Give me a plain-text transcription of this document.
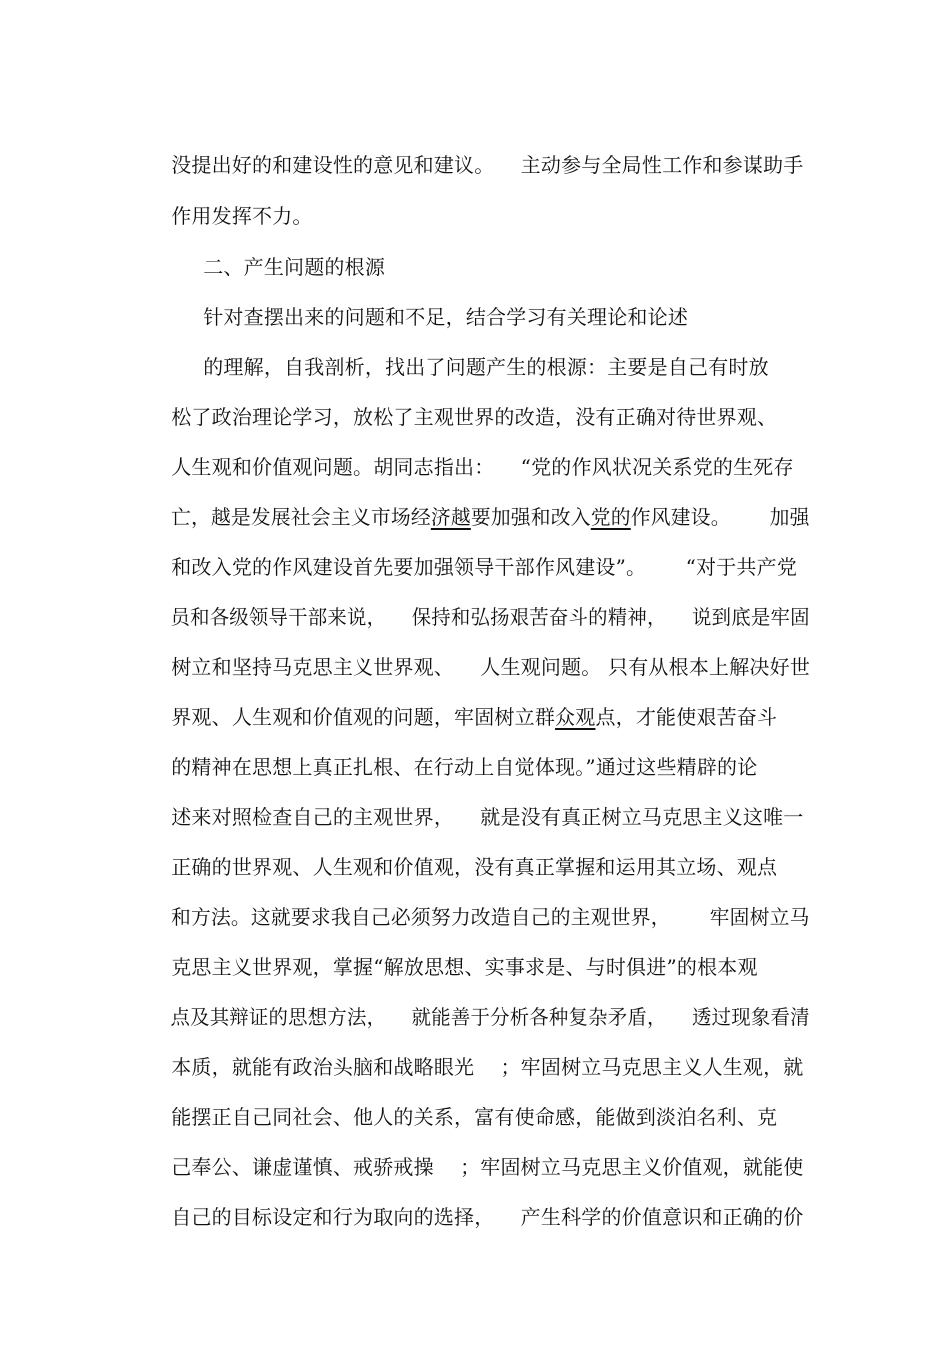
没提出好的和建设性的意见和建议。    主动参与全局性工作和参谋助手

作用发挥不力。

二、产生问题的根源

针对查摆出来的问题和不足，结合学习有关理论和论述

的理解，自我剖析，找出了问题产生的根源：主要是自己有时放

松了政治理论学习，放松了主观世界的改造，没有正确对待世界观、

人生观和价值观问题。胡同志指出：    “党的作风状况关系党的生死存

亡，越是发展社会主义市场经济越要加强和改入党的作风建设。      加强

和改入党的作风建设首先要加强领导干部作风建设”。      “对于共产党

员和各级领导干部来说，    保持和弘扬艰苦奋斗的精神，    说到底是牢固

树立和坚持马克思主义世界观、    人生观问题。 只有从根本上解决好世

界观、人生观和价值观的问题，牢固树立群众观点，才能使艰苦奋斗

的精神在思想上真正扎根、在行动上自觉体现。”通过这些精辟的论

述来对照检查自己的主观世界，    就是没有真正树立马克思主义这唯一

正确的世界观、人生观和价值观，没有真正掌握和运用其立场、观点

和方法。这就要求我自己必须努力改造自己的主观世界，      牢固树立马

克思主义世界观，掌握“解放思想、实事求是、与时俱进”的根本观

点及其辩证的思想方法，    就能善于分析各种复杂矛盾，    透过现象看清

本质，就能有政治头脑和战略眼光    ；牢固树立马克思主义人生观，就

能摆正自己同社会、他人的关系，富有使命感，能做到淡泊名利、克

己奉公、谦虚谨慎、戒骄戒操    ；牢固树立马克思主义价值观，就能使

自己的目标设定和行为取向的选择，    产生科学的价值意识和正确的价
